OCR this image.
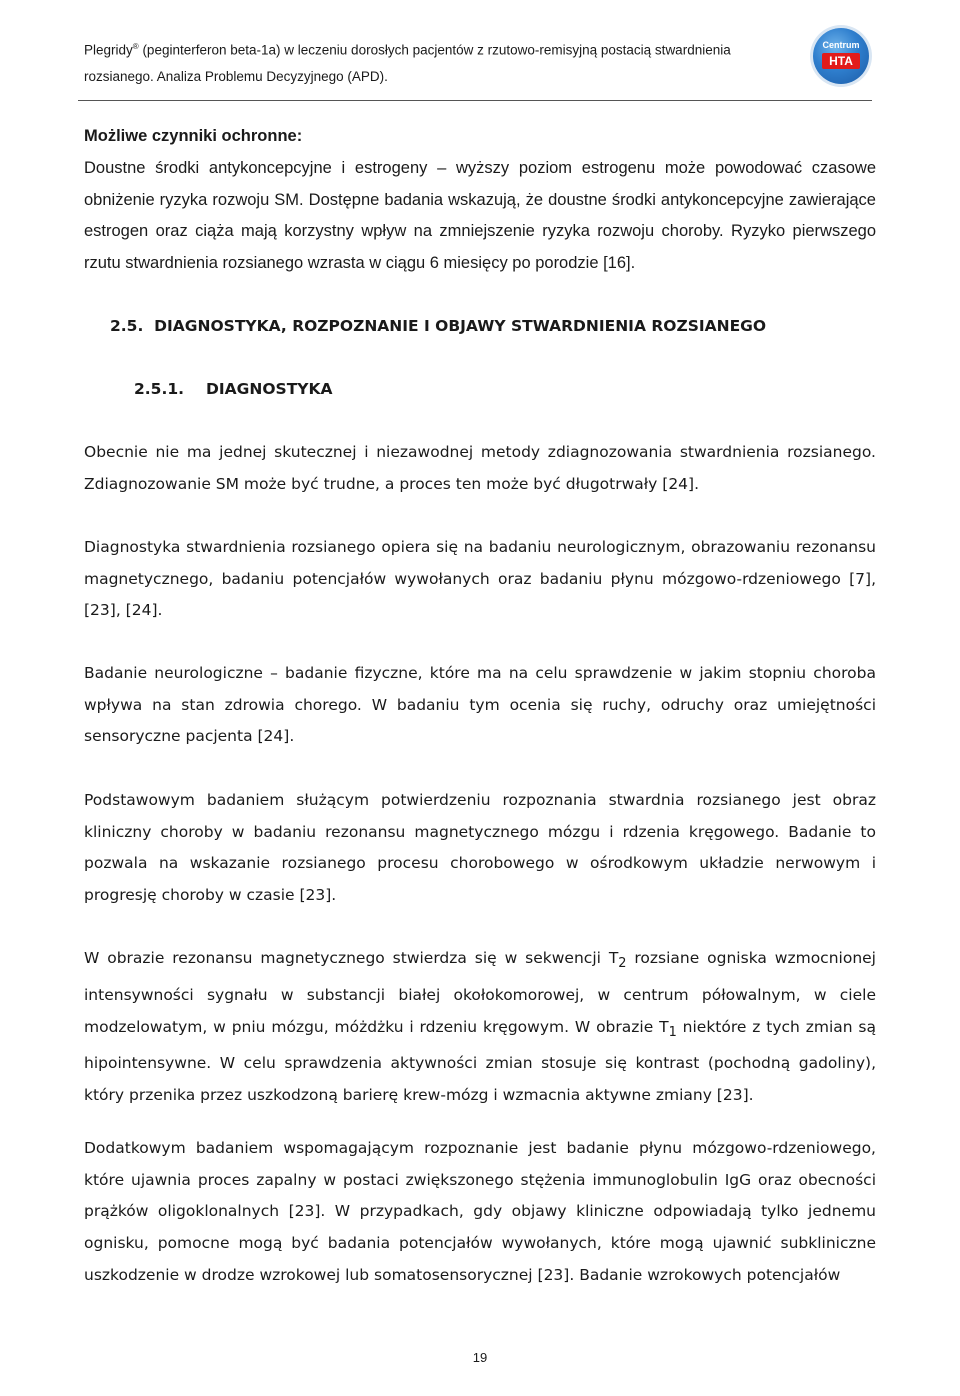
Plegridy® (peginterferon beta-1a) w leczeniu dorosłych pacjentów z rzutowo-remisyjną postacią stwardnienia
rozsianego. Analiza Problemu Decyzyjnego (APD).
Centrum
HTA
Możliwe czynniki ochronne:
Doustne środki antykoncepcyjne i estrogeny – wyższy poziom estrogenu może powodować czasowe obniżenie ryzyka rozwoju SM. Dostępne badania wskazują, że doustne środki antykoncepcyjne zawierające estrogen oraz ciąża mają korzystny wpływ na zmniejszenie ryzyka rozwoju choroby. Ryzyko pierwszego rzutu stwardnienia rozsianego wzrasta w ciągu 6 miesięcy po porodzie [16].
2.5. DIAGNOSTYKA, ROZPOZNANIE I OBJAWY STWARDNIENIA ROZSIANEGO
2.5.1. DIAGNOSTYKA
Obecnie nie ma jednej skutecznej i niezawodnej metody zdiagnozowania stwardnienia rozsianego. Zdiagnozowanie SM może być trudne, a proces ten może być długotrwały [24].
Diagnostyka stwardnienia rozsianego opiera się na badaniu neurologicznym, obrazowaniu rezonansu magnetycznego, badaniu potencjałów wywołanych oraz badaniu płynu mózgowo-rdzeniowego [7], [23], [24].
Badanie neurologiczne – badanie fizyczne, które ma na celu sprawdzenie w jakim stopniu choroba wpływa na stan zdrowia chorego. W badaniu tym ocenia się ruchy, odruchy oraz umiejętności sensoryczne pacjenta [24].
Podstawowym badaniem służącym potwierdzeniu rozpoznania stwardnia rozsianego jest obraz kliniczny choroby w badaniu rezonansu magnetycznego mózgu i rdzenia kręgowego. Badanie to pozwala na wskazanie rozsianego procesu chorobowego w ośrodkowym układzie nerwowym i progresję choroby w czasie [23].
W obrazie rezonansu magnetycznego stwierdza się w sekwencji $T_2$ rozsiane ogniska wzmocnionej intensywności sygnału w substancji białej okołokomorowej, w centrum półowalnym, w ciele modzelowatym, w pniu mózgu, móżdżku i rdzeniu kręgowym. W obrazie $T_1$ niektóre z tych zmian są hipointensywne. W celu sprawdzenia aktywności zmian stosuje się kontrast (pochodną gadoliny), który przenika przez uszkodzoną barierę krew-mózg i wzmacnia aktywne zmiany [23].
Dodatkowym badaniem wspomagającym rozpoznanie jest badanie płynu mózgowo-rdzeniowego, które ujawnia proces zapalny w postaci zwiększonego stężenia immunoglobulin IgG oraz obecności prążków oligoklonalnych [23]. W przypadkach, gdy objawy kliniczne odpowiadają tylko jednemu ognisku, pomocne mogą być badania potencjałów wywołanych, które mogą ujawnić subkliniczne uszkodzenie w drodze wzrokowej lub somatosensorycznej [23]. Badanie wzrokowych potencjałów
19
